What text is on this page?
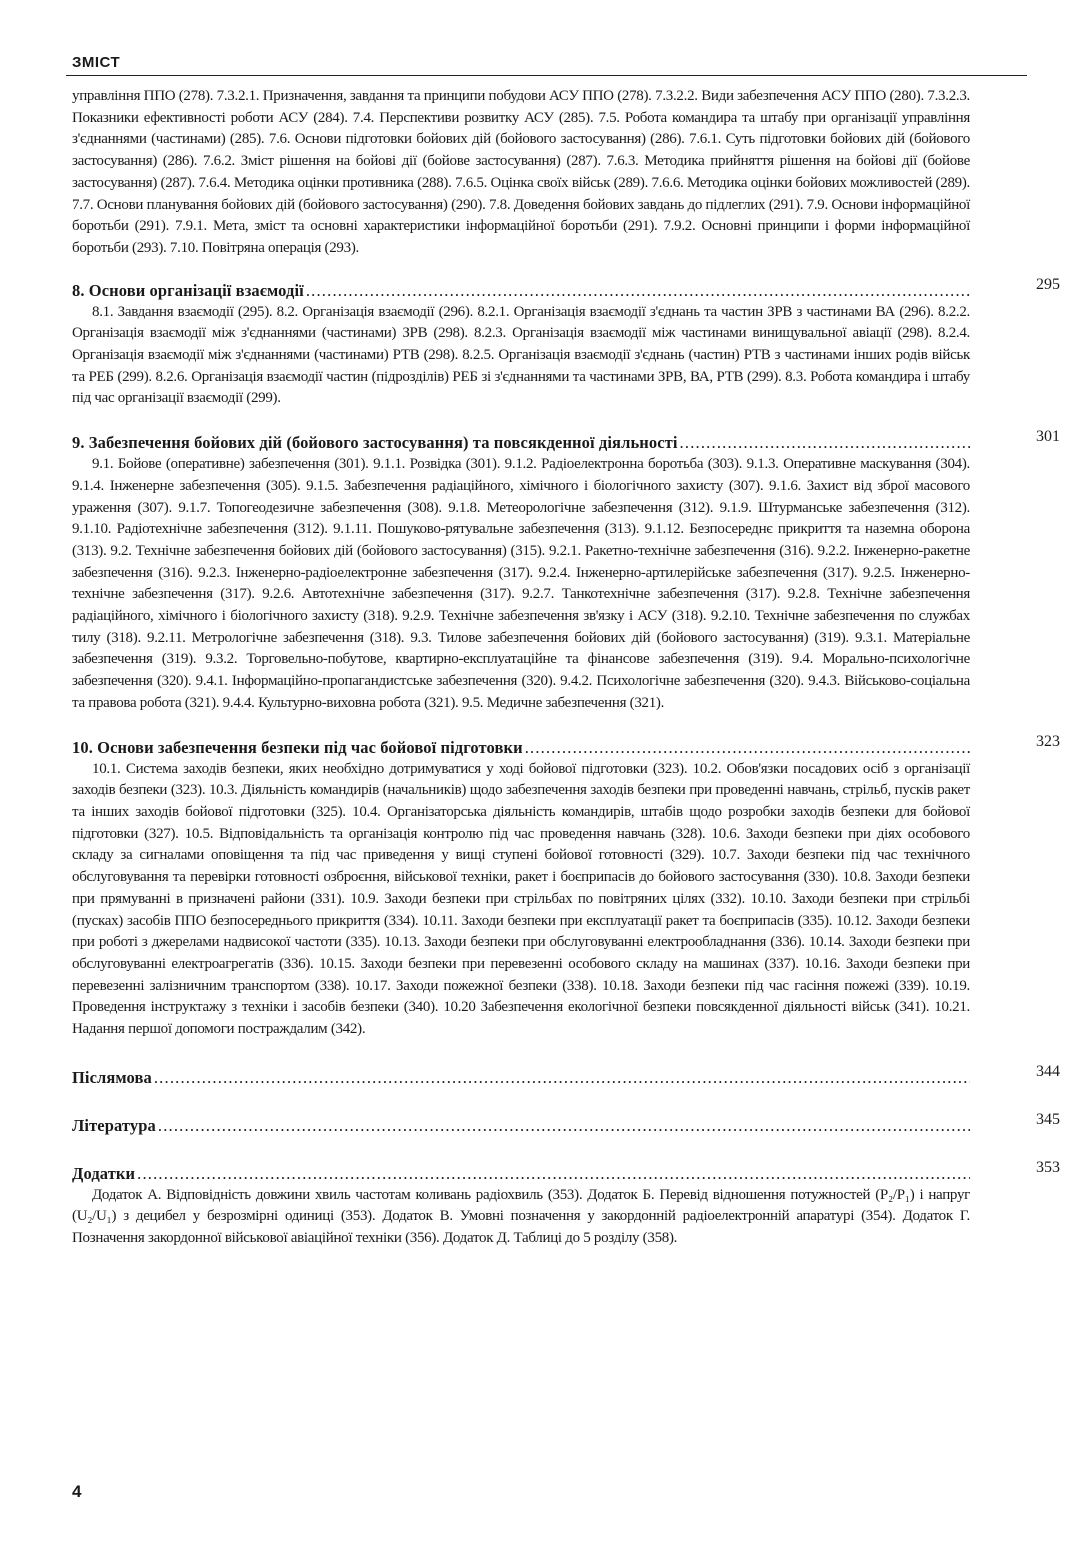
ЗМІСТ

управління ППО (278). 7.3.2.1. Призначення, завдання та принципи побудови АСУ ППО (278). 7.3.2.2. Види забезпечення АСУ ППО (280). 7.3.2.3. Показники ефективності роботи АСУ (284). 7.4. Перспективи розвитку АСУ (285). 7.5. Робота командира та штабу при організації управління з'єднаннями (частинами) (285). 7.6. Основи підготовки бойових дій (бойового застосування) (286). 7.6.1. Суть підготовки бойових дій (бойового застосування) (286). 7.6.2. Зміст рішення на бойові дії (бойове застосування) (287). 7.6.3. Методика прийняття рішення на бойові дії (бойове застосування) (287). 7.6.4. Методика оцінки противника (288). 7.6.5. Оцінка своїх військ (289). 7.6.6. Методика оцінки бойових можливостей (289). 7.7. Основи планування бойових дій (бойового застосування) (290). 7.8. Доведення бойових завдань до підлеглих (291). 7.9. Основи інформаційної боротьби (291). 7.9.1. Мета, зміст та основні характеристики інформаційної боротьби (291). 7.9.2. Основні принципи і форми інформаційної боротьби (293). 7.10. Повітряна операція (293).

8. Основи організації взаємодії .....	295

8.1. Завдання взаємодії (295). 8.2. Організація взаємодії (296). 8.2.1. Організація взаємодії з'єднань та частин ЗРВ з частинами ВА (296). 8.2.2. Організація взаємодії між з'єднаннями (частинами) ЗРВ (298). 8.2.3. Організація взаємодії між частинами винищувальної авіації (298). 8.2.4. Організація взаємодії між з'єднаннями (частинами) РТВ (298). 8.2.5. Організація взаємодії з'єднань (частин) РТВ з частинами інших родів військ та РЕБ (299). 8.2.6. Організація взаємодії частин (підрозділів) РЕБ зі з'єднаннями та частинами ЗРВ, ВА, РТВ (299). 8.3. Робота командира і штабу під час організації взаємодії (299).

9. Забезпечення бойових дій (бойового застосування) та повсякденної діяльності .....	301

9.1. Бойове (оперативне) забезпечення (301). 9.1.1. Розвідка (301). 9.1.2. Радіоелектронна боротьба (303). 9.1.3. Оперативне маскування (304). 9.1.4. Інженерне забезпечення (305). 9.1.5. Забезпечення радіаційного, хімічного і біологічного захисту (307). 9.1.6. Захист від зброї масового ураження (307). 9.1.7. Топогеодезичне забезпечення (308). 9.1.8. Метеорологічне забезпечення (312). 9.1.9. Штурманське забезпечення (312). 9.1.10. Радіотехнічне забезпечення (312). 9.1.11. Пошуково-рятувальне забезпечення (313). 9.1.12. Безпосереднє прикриття та наземна оборона (313). 9.2. Технічне забезпечення бойових дій (бойового застосування) (315). 9.2.1. Ракетно-технічне забезпечення (316). 9.2.2. Інженерно-ракетне забезпечення (316). 9.2.3. Інженерно-радіоелектронне забезпечення (317). 9.2.4. Інженерно-артилерійське забезпечення (317). 9.2.5. Інженерно-технічне забезпечення (317). 9.2.6. Автотехнічне забезпечення (317). 9.2.7. Танкотехнічне забезпечення (317). 9.2.8. Технічне забезпечення радіаційного, хімічного і біологічного захисту (318). 9.2.9. Технічне забезпечення зв'язку і АСУ (318). 9.2.10. Технічне забезпечення по службах тилу (318). 9.2.11. Метрологічне забезпечення (318). 9.3. Тилове забезпечення бойових дій (бойового застосування) (319). 9.3.1. Матеріальне забезпечення (319). 9.3.2. Торговельно-побутове, квартирно-експлуатаційне та фінансове забезпечення (319). 9.4. Морально-психологічне забезпечення (320). 9.4.1. Інформаційно-пропагандистське забезпечення (320). 9.4.2. Психологічне забезпечення (320). 9.4.3. Військово-соціальна та правова робота (321). 9.4.4. Культурно-виховна робота (321). 9.5. Медичне забезпечення (321).

10. Основи забезпечення безпеки під час бойової підготовки .....	323

10.1. Система заходів безпеки, яких необхідно дотримуватися у ході бойової підготовки (323). 10.2. Обов'язки посадових осіб з організації заходів безпеки (323). 10.3. Діяльність командирів (начальників) щодо забезпечення заходів безпеки при проведенні навчань, стрільб, пусків ракет та інших заходів бойової підготовки (325). 10.4. Організаторська діяльність командирів, штабів щодо розробки заходів безпеки для бойової підготовки (327). 10.5. Відповідальність та організація контролю під час проведення навчань (328). 10.6. Заходи безпеки при діях особового складу за сигналами оповіщення та під час приведення у вищі ступені бойової готовності (329). 10.7. Заходи безпеки під час технічного обслуговування та перевірки готовності озброєння, військової техніки, ракет і боєприпасів до бойового застосування (330). 10.8. Заходи безпеки при прямуванні в призначені райони (331). 10.9. Заходи безпеки при стрільбах по повітряних цілях (332). 10.10. Заходи безпеки при стрільбі (пусках) засобів ППО безпосереднього прикриття (334). 10.11. Заходи безпеки при експлуатації ракет та боєприпасів (335). 10.12. Заходи безпеки при роботі з джерелами надвисокої частоти (335). 10.13. Заходи безпеки при обслуговуванні електрообладнання (336). 10.14. Заходи безпеки при обслуговуванні електроагрегатів (336). 10.15. Заходи безпеки при перевезенні особового складу на машинах (337). 10.16. Заходи безпеки при перевезенні залізничним транспортом (338). 10.17. Заходи пожежної безпеки (338). 10.18. Заходи безпеки під час гасіння пожежі (339). 10.19. Проведення інструктажу з техніки і засобів безпеки (340). 10.20 Забезпечення екологічної безпеки повсякденної діяльності військ (341). 10.21. Надання першої допомоги постраждалим (342).

Післямова .....	344
Література .....	345
Додатки .....	353

Додаток А. Відповідність довжини хвиль частотам коливань радіохвиль (353). Додаток Б. Перевід відношення потужностей (P₂/P₁) і напруг (U₂/U₁) з децибел у безрозмірні одиниці (353). Додаток В. Умовні позначення у закордонній радіоелектронній апаратурі (354). Додаток Г. Позначення закордонної військової авіаційної техніки (356). Додаток Д. Таблиці до 5 розділу (358).

4
